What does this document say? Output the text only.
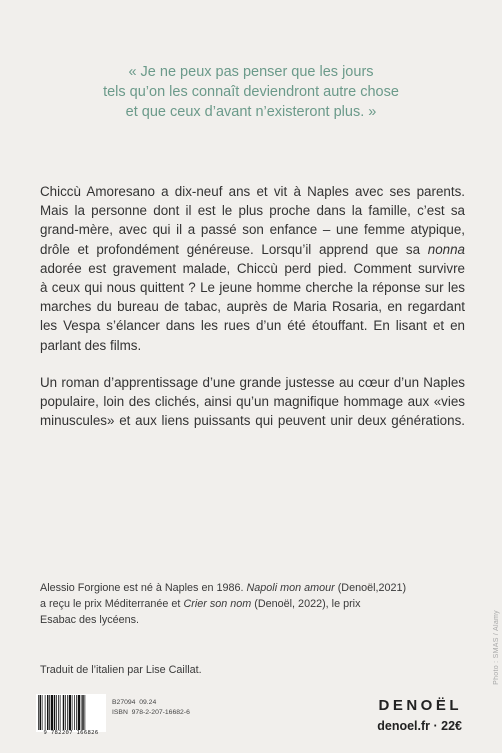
« Je ne peux pas penser que les jours
tels qu’on les connaît deviendront autre chose
et que ceux d’avant n’existeront plus. »

Chiccù Amoresano a dix-neuf ans et vit à Naples avec ses parents.
Mais la personne dont il est le plus proche dans la famille, c’est sa
grand-mère, avec qui il a passé son enfance – une femme atypique,
drôle et profondément généreuse. Lorsqu’il apprend que sa nonna
adorée est gravement malade, Chiccù perd pied. Comment survivre
à ceux qui nous quittent ? Le jeune homme cherche la réponse sur les
marches du bureau de tabac, auprès de Maria Rosaria, en regardant
les Vespa s’élancer dans les rues d’un été étouffant. En lisant et en
parlant des films.

Un roman d’apprentissage d’une grande justesse au cœur d’un Naples
populaire, loin des clichés, ainsi qu’un magnifique hommage aux «vies
minuscules» et aux liens puissants qui peuvent unir deux générations.

Alessio Forgione est né à Naples en 1986. Napoli mon amour (Denoël,2021)
a reçu le prix Méditerranée et Crier son nom (Denoël, 2022), le prix
Esabac des lycéens.
Traduit de l’italien par Lise Caillat.
9 782207 166826
B27094 09.24
ISBN 978-2-207-16682-6	DENOËL
denoel.fr · 22€
Photo : SMAS / Alamy
